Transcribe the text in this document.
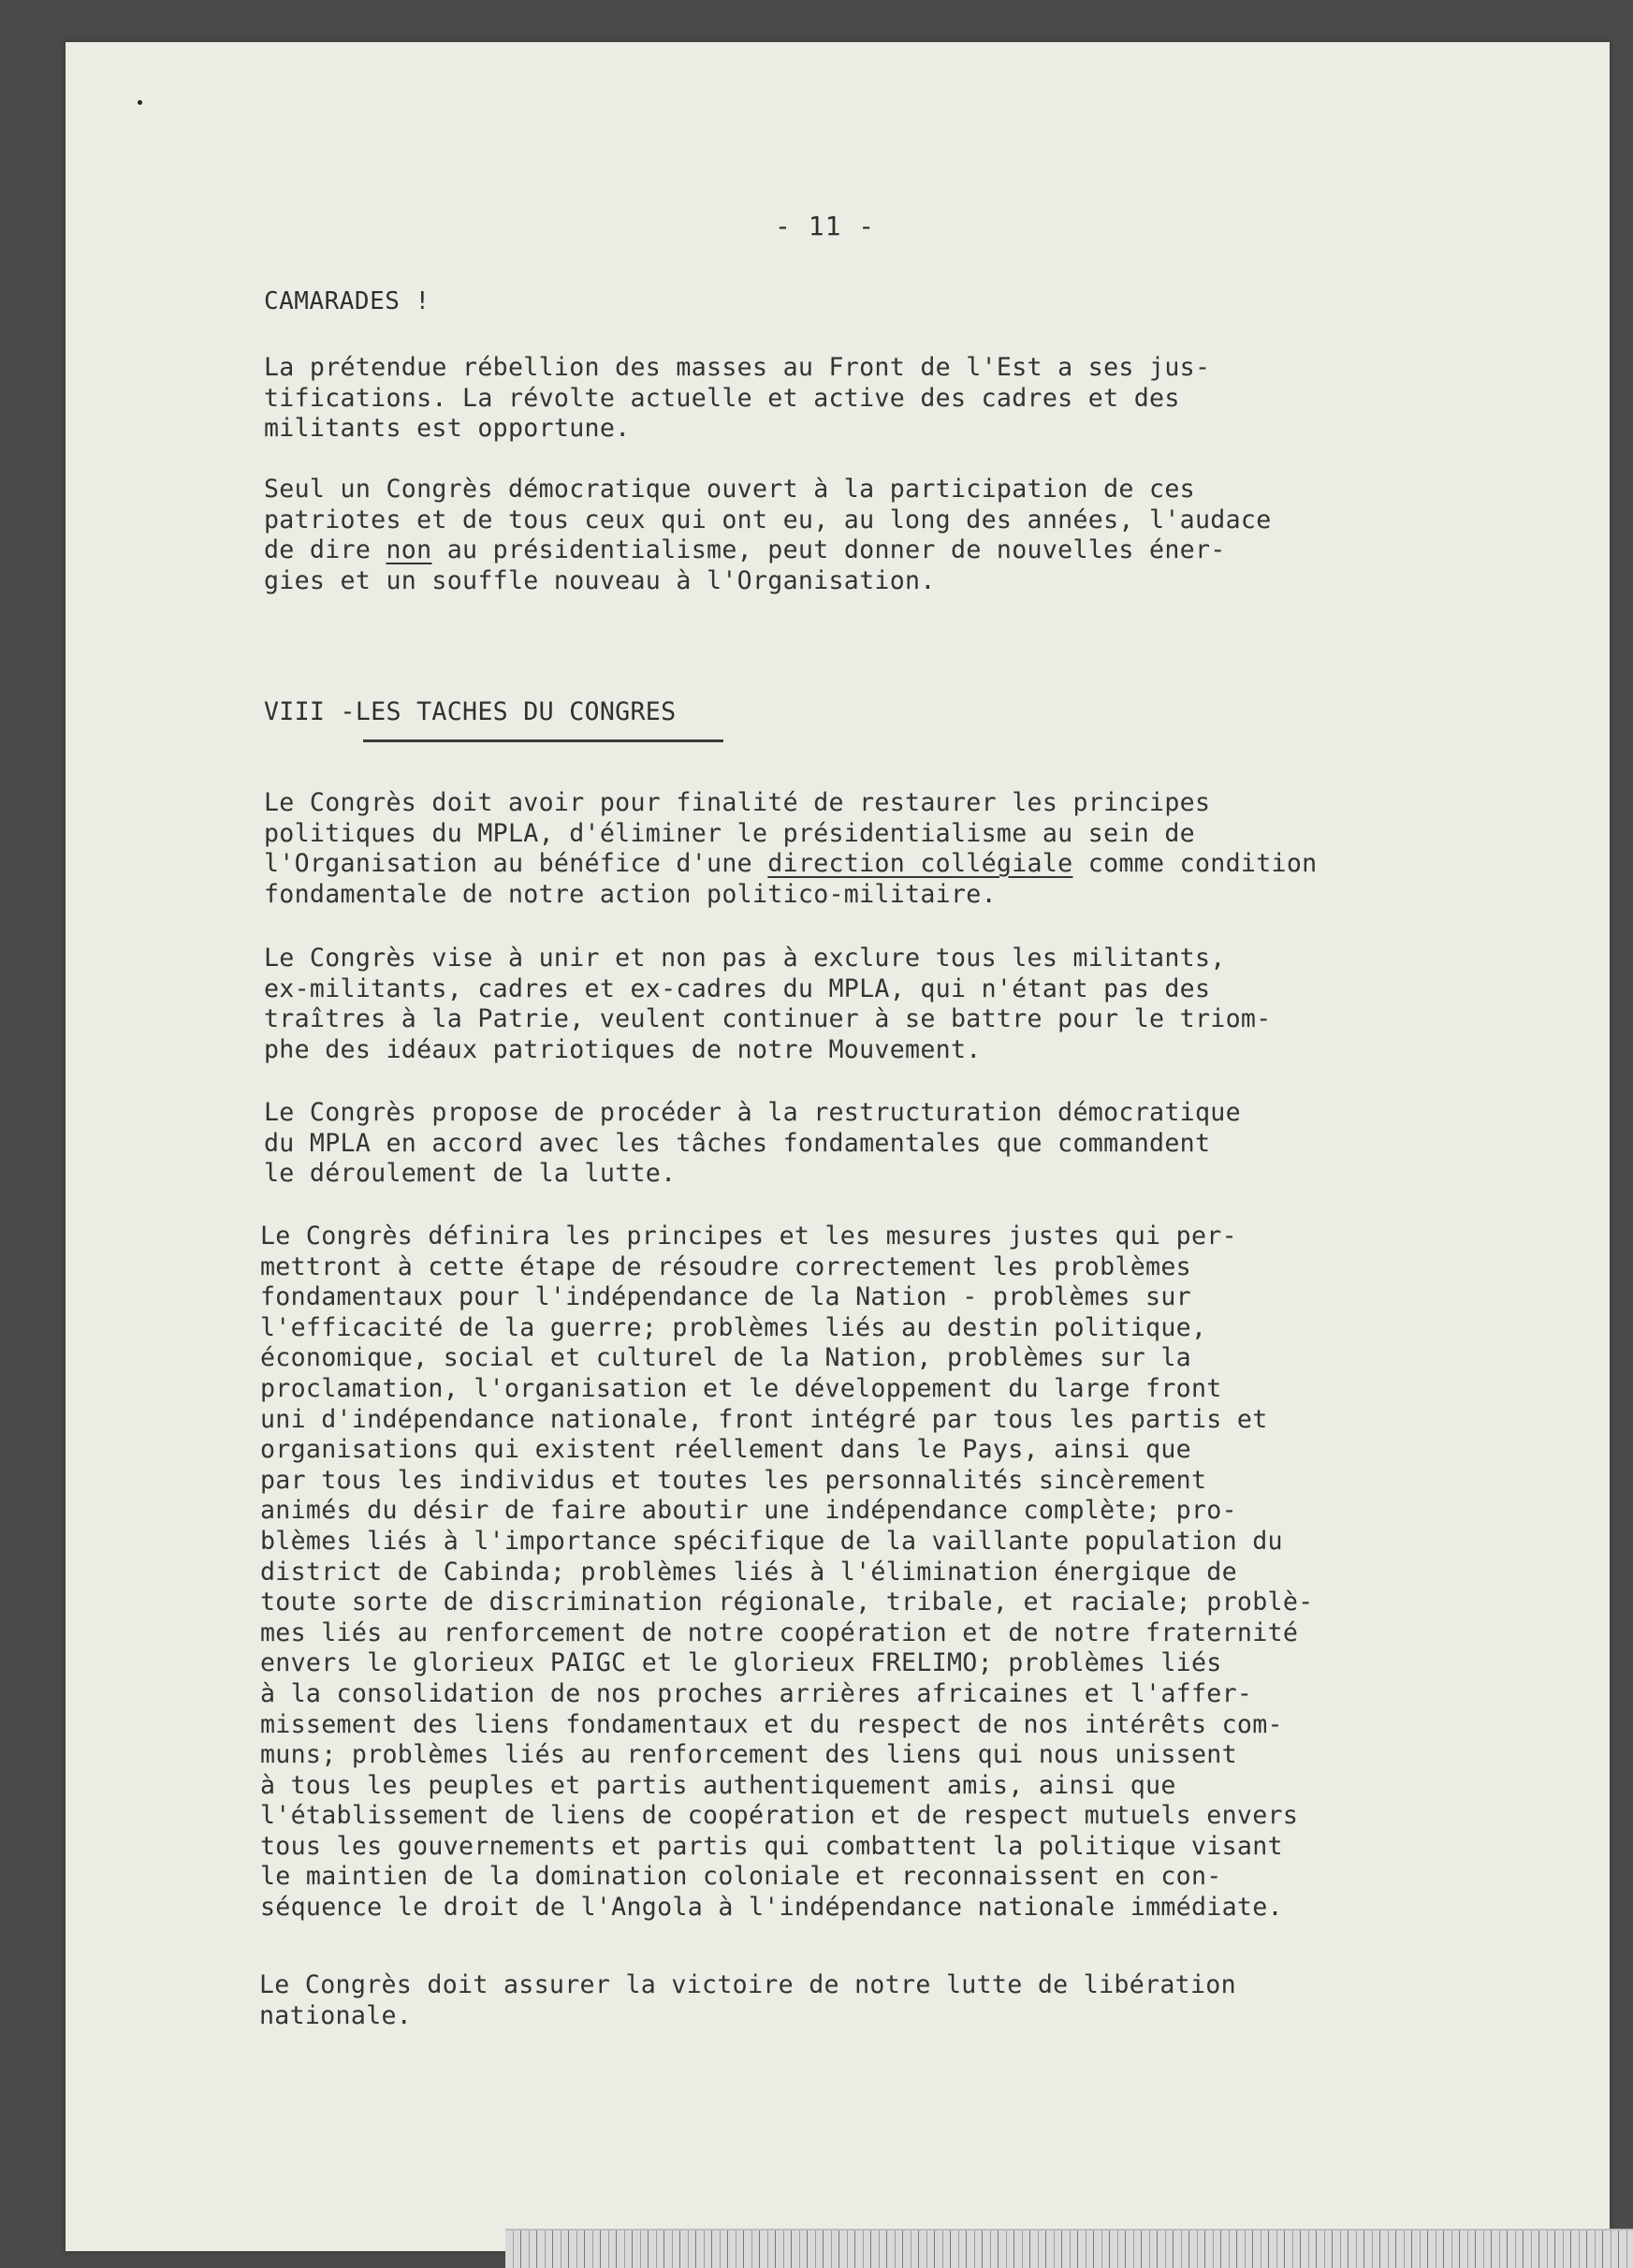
- 11 -
CAMARADES !

La prétendue rébellion des masses au Front de l'Est a ses jus-
tifications. La révolte actuelle et active des cadres et des
militants est opportune.

Seul un Congrès démocratique ouvert à la participation de ces
patriotes et de tous ceux qui ont eu, au long des années, l'audace
de dire non au présidentialisme, peut donner de nouvelles éner-
gies et un souffle nouveau à l'Organisation.

VIII -LES TACHES DU CONGRES

Le Congrès doit avoir pour finalité de restaurer les principes
politiques du MPLA, d'éliminer le présidentialisme au sein de
l'Organisation au bénéfice d'une direction collégiale comme condition
fondamentale de notre action politico-militaire.

Le Congrès vise à unir et non pas à exclure tous les militants,
ex-militants, cadres et ex-cadres du MPLA, qui n'étant pas des
traîtres à la Patrie, veulent continuer à se battre pour le triom-
phe des idéaux patriotiques de notre Mouvement.

Le Congrès propose de procéder à la restructuration démocratique
du MPLA en accord avec les tâches fondamentales que commandent
le déroulement de la lutte.

Le Congrès définira les principes et les mesures justes qui per-
mettront à cette étape de résoudre correctement les problèmes
fondamentaux pour l'indépendance de la Nation - problèmes sur
l'efficacité de la guerre; problèmes liés au destin politique,
économique, social et culturel de la Nation, problèmes sur la
proclamation, l'organisation et le développement du large front
uni d'indépendance nationale, front intégré par tous les partis et
organisations qui existent réellement dans le Pays, ainsi que
par tous les individus et toutes les personnalités sincèrement
animés du désir de faire aboutir une indépendance complète; pro-
blèmes liés à l'importance spécifique de la vaillante population du
district de Cabinda; problèmes liés à l'élimination énergique de
toute sorte de discrimination régionale, tribale, et raciale; problè-
mes liés au renforcement de notre coopération et de notre fraternité
envers le glorieux PAIGC et le glorieux FRELIMO; problèmes liés
à la consolidation de nos proches arrières africaines et l'affer-
missement des liens fondamentaux et du respect de nos intérêts com-
muns; problèmes liés au renforcement des liens qui nous unissent
à tous les peuples et partis authentiquement amis, ainsi que
l'établissement de liens de coopération et de respect mutuels envers
tous les gouvernements et partis qui combattent la politique visant
le maintien de la domination coloniale et reconnaissent en con-
séquence le droit de l'Angola à l'indépendance nationale immédiate.

Le Congrès doit assurer la victoire de notre lutte de libération
nationale.
